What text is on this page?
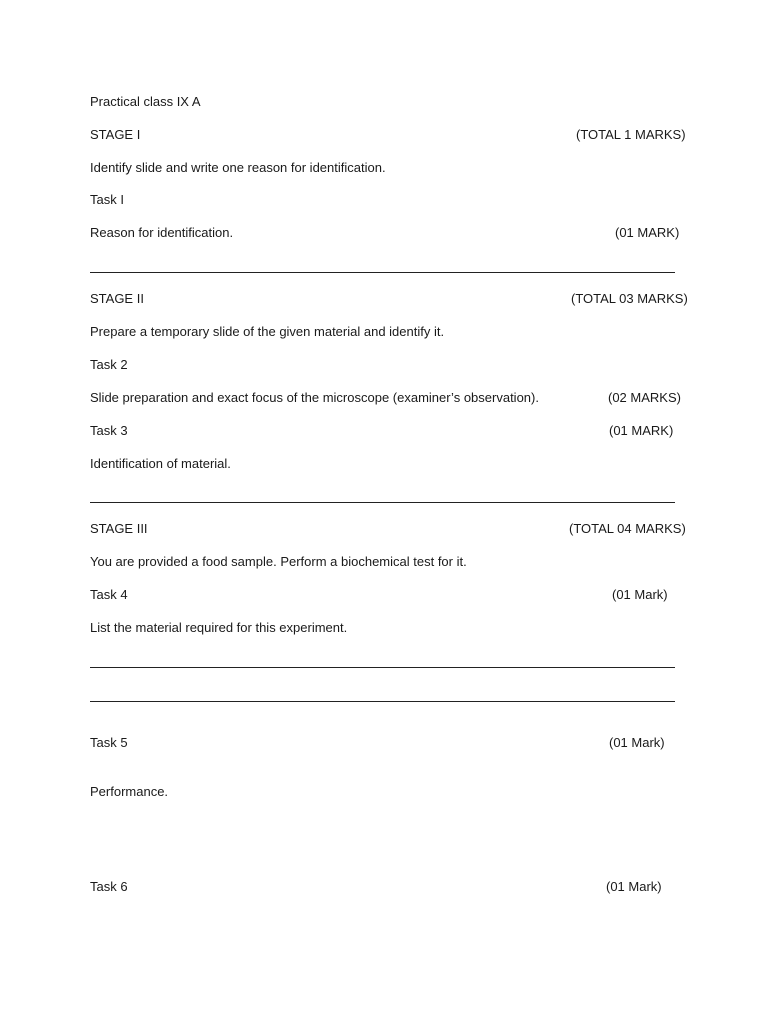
Practical class IX A
STAGE I	(TOTAL 1 MARKS)
Identify slide and write one reason for identification.
Task I
Reason for identification.	(01 MARK)
STAGE II	(TOTAL 03 MARKS)
Prepare a temporary slide of the given material and identify it.
Task 2
Slide preparation and exact focus of the microscope (examiner’s observation).	(02 MARKS)
Task 3	(01 MARK)
Identification of material.
STAGE III	(TOTAL 04 MARKS)
You are provided a food sample. Perform a biochemical test for it.
Task 4	(01 Mark)
List the material required for this experiment.
Task 5	(01 Mark)
Performance.
Task 6	(01 Mark)
